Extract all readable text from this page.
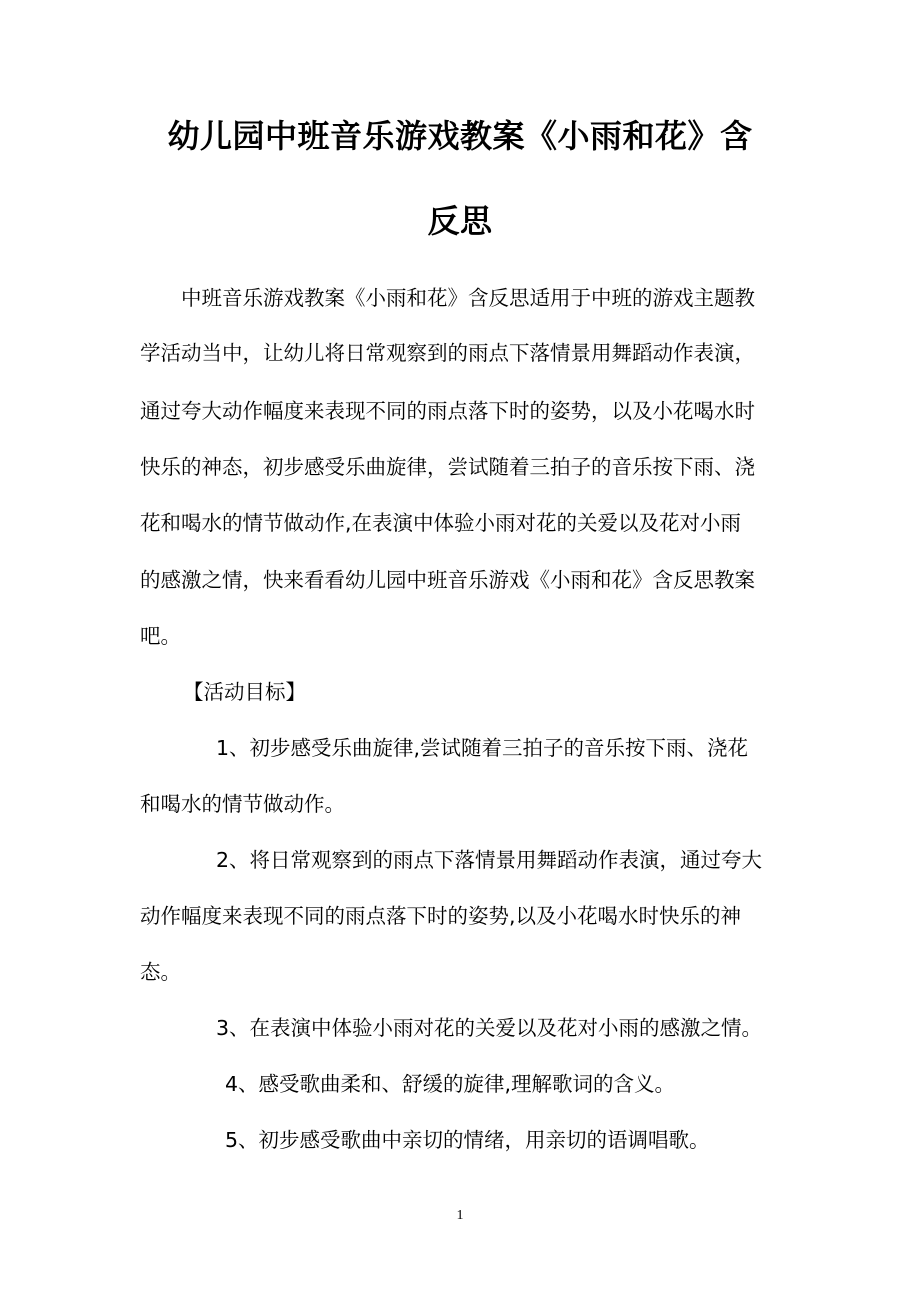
幼儿园中班音乐游戏教案《小雨和花》含
反思

中班音乐游戏教案《小雨和花》含反思适用于中班的游戏主题教

学活动当中，让幼儿将日常观察到的雨点下落情景用舞蹈动作表演，

通过夸大动作幅度来表现不同的雨点落下时的姿势，以及小花喝水时

快乐的神态，初步感受乐曲旋律，尝试随着三拍子的音乐按下雨、浇

花和喝水的情节做动作,在表演中体验小雨对花的关爱以及花对小雨

的感激之情，快来看看幼儿园中班音乐游戏《小雨和花》含反思教案

吧。

【活动目标】

1、初步感受乐曲旋律,尝试随着三拍子的音乐按下雨、浇花

和喝水的情节做动作。

2、将日常观察到的雨点下落情景用舞蹈动作表演，通过夸大

动作幅度来表现不同的雨点落下时的姿势,以及小花喝水时快乐的神

态。

3、在表演中体验小雨对花的关爱以及花对小雨的感激之情。

4、感受歌曲柔和、舒缓的旋律,理解歌词的含义。

5、初步感受歌曲中亲切的情绪，用亲切的语调唱歌。

1
